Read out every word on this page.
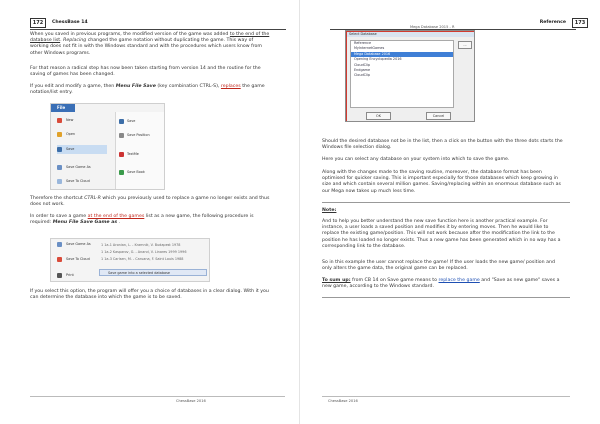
172	ChessBase 14
When you saved in previous programs, the modified version of the game was added to the end of the database list. Replacing changed the game notation without duplicating the game. This way of working does not fit in with the Windows standard and with the procedures which users know from other Windows programs.
For that reason a radical step has now been taken starting from version 14 and the routine for the saving of games has been changed.
If you edit and modify a game, then Menu File Save (key combination CTRL-S), replaces the game notation/list entry.
File
New
Open
Save
Save Game As
Save To Cloud
Save
Save Position
TextMe
Save Book
Therefore the shortcut CTRL-R which you previously used to replace a game no longer exists and thus does not work.
In order to save a game at the end of the games list as a new game, the following procedure is required: Menu File Save Game as .
Save Game As
Save To Cloud
Print
1 1a-1 Aronian, L. - Kramnik, V. Budapest 1978
1 1a-2 Kasparov, G. - Anand, V. Linares 1999 1996
1 1a-3 Carlsen, M. - Caruana, F. Saint Louis 1988
Save game into a selected database
If you select this option, the program will offer you a choice of databases in a clear dialog. With it you can determine the database into which the game is to be saved.
ChessBase 2016
Reference	173
Mega Database 2015 - R
Select Database
Reference
MyInternetGames
Mega Database 2016
Opening Encyclopedia 2016
CloudClip
Endgame
CloudClip
...
OK	Cancel
Should the desired database not be in the list, then a click on the button with the three dots starts the Windows file selection dialog.
Here you can select any database on your system into which to save the game.
Along with the changes made to the saving routine, moreover, the database format has been optimised for quicker saving. This is important especially for those databases which keep growing in size and which contain several million games. Saving/replacing within an enormous database such as our Mega now takes up much less time.
Note:
And to help you better understand the new save function here is another practical example. For instance, a user loads a saved position and modifies it by entering moves. Then he would like to replace the existing game/position. This will not work because after the modification the link to the position he has loaded no longer exists. Thus a new game has been generated which in no way has a corresponding link to the database.
So in this example the user cannot replace the game! If the user loads the new game/ position and only alters the game data, the original game can be replaced.
To sum up: from CB 14 on Save game means to replace the game and "Save as new game" saves a new game, according to the Windows standard.
ChessBase 2016
